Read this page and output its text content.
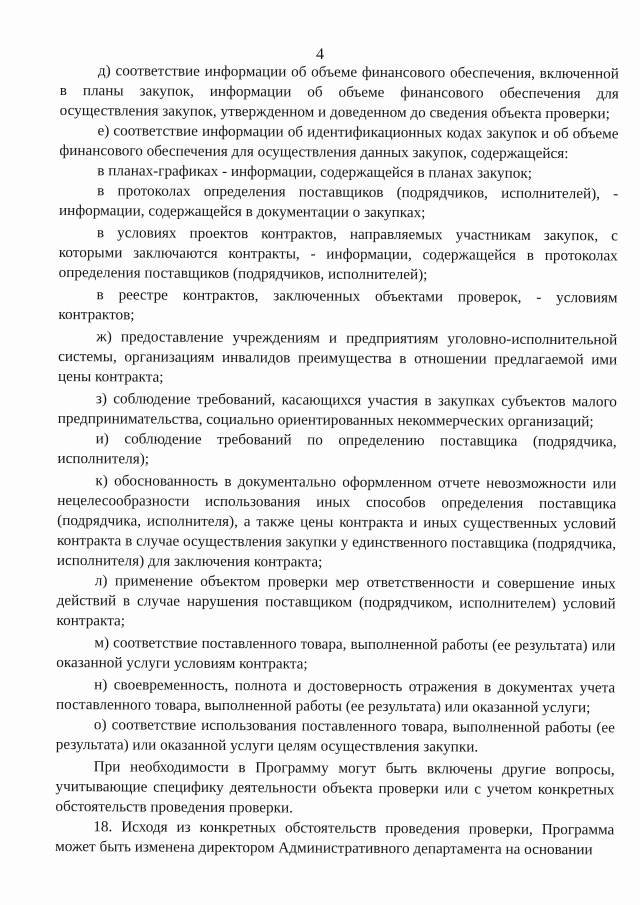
4

д) соответствие информации об объеме финансового обеспечения, включенной в планы закупок, информации об объеме финансового обеспечения для осуществления закупок, утвержденном и доведенном до сведения объекта проверки;

е) соответствие информации об идентификационных кодах закупок и об объеме финансового обеспечения для осуществления данных закупок, содержащейся:

в планах-графиках - информации, содержащейся в планах закупок;

в протоколах определения поставщиков (подрядчиков, исполнителей), - информации, содержащейся в документации о закупках;

в условиях проектов контрактов, направляемых участникам закупок, с которыми заключаются контракты, - информации, содержащейся в протоколах определения поставщиков (подрядчиков, исполнителей);

в реестре контрактов, заключенных объектами проверок, - условиям контрактов;

ж) предоставление учреждениям и предприятиям уголовно-исполнительной системы, организациям инвалидов преимущества в отношении предлагаемой ими цены контракта;

з) соблюдение требований, касающихся участия в закупках субъектов малого предпринимательства, социально ориентированных некоммерческих организаций;

и) соблюдение требований по определению поставщика (подрядчика, исполнителя);

к) обоснованность в документально оформленном отчете невозможности или нецелесообразности использования иных способов определения поставщика (подрядчика, исполнителя), а также цены контракта и иных существенных условий контракта в случае осуществления закупки у единственного поставщика (подрядчика, исполнителя) для заключения контракта;

л) применение объектом проверки мер ответственности и совершение иных действий в случае нарушения поставщиком (подрядчиком, исполнителем) условий контракта;

м) соответствие поставленного товара, выполненной работы (ее результата) или оказанной услуги условиям контракта;

н) своевременность, полнота и достоверность отражения в документах учета поставленного товара, выполненной работы (ее результата) или оказанной услуги;

о) соответствие использования поставленного товара, выполненной работы (ее результата) или оказанной услуги целям осуществления закупки.

При необходимости в Программу могут быть включены другие вопросы, учитывающие специфику деятельности объекта проверки или с учетом конкретных обстоятельств проведения проверки.

18. Исходя из конкретных обстоятельств проведения проверки, Программа может быть изменена директором Административного департамента на основании
